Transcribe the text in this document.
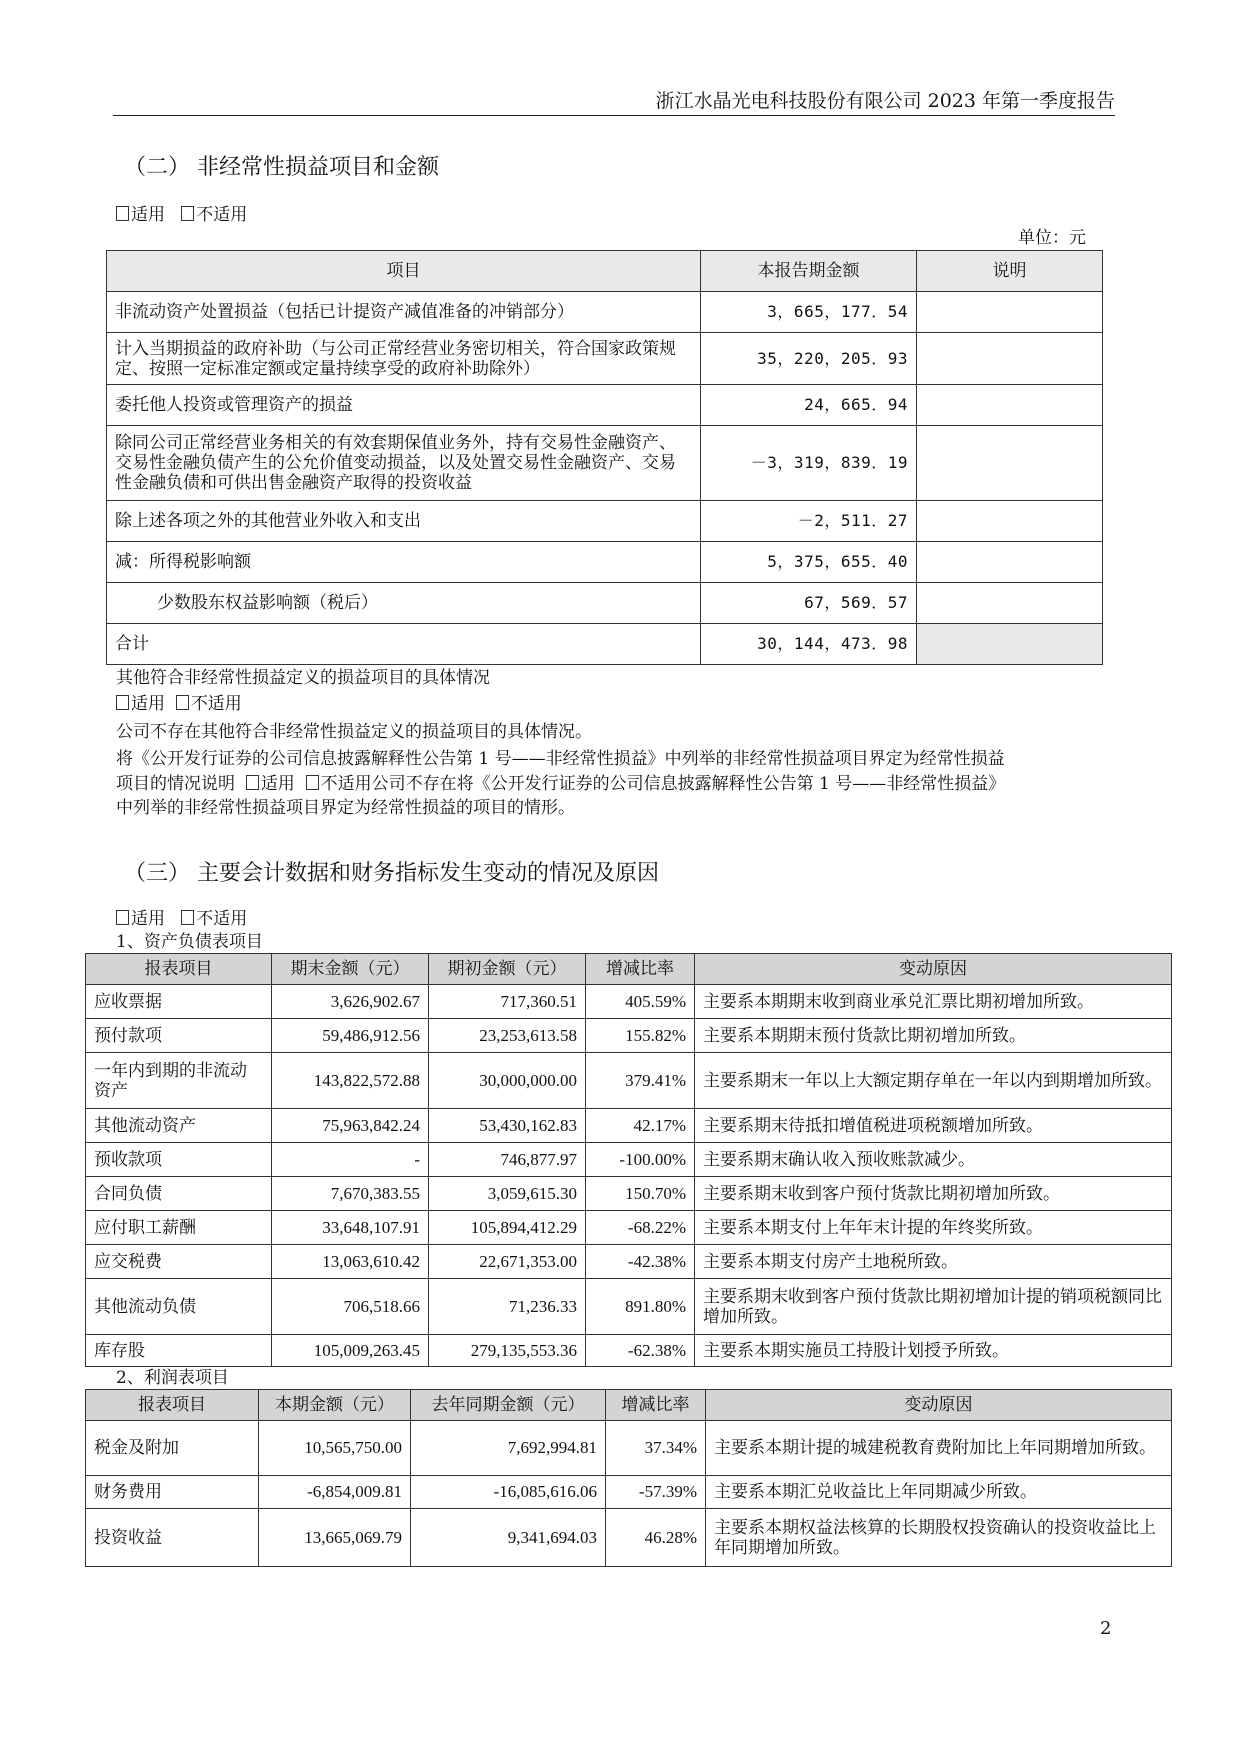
浙江水晶光电科技股份有限公司 2023 年第一季度报告
（二） 非经常性损益项目和金额
适用 不适用
单位：元
项目	本报告期金额	说明
非流动资产处置损益（包括已计提资产减值准备的冲销部分）	3，665，177．54	
计入当期损益的政府补助（与公司正常经营业务密切相关，符合国家政策规定、按照一定标准定额或定量持续享受的政府补助除外）	35，220，205．93	
委托他人投资或管理资产的损益	24，665．94	
除同公司正常经营业务相关的有效套期保值业务外，持有交易性金融资产、交易性金融负债产生的公允价值变动损益，以及处置交易性金融资产、交易性金融负债和可供出售金融资产取得的投资收益	－3，319，839．19	
除上述各项之外的其他营业外收入和支出	－2，511．27	
减：所得税影响额	5，375，655．40	
少数股东权益影响额（税后）	67，569．57	
合计	30，144，473．98	
其他符合非经常性损益定义的损益项目的具体情况
适用 不适用
公司不存在其他符合非经常性损益定义的损益项目的具体情况。
将《公开发行证券的公司信息披露解释性公告第 1 号——非经常性损益》中列举的非经常性损益项目界定为经常性损益
项目的情况说明 适用 不适用公司不存在将《公开发行证券的公司信息披露解释性公告第 1 号——非经常性损益》
中列举的非经常性损益项目界定为经常性损益的项目的情形。
（三） 主要会计数据和财务指标发生变动的情况及原因
适用 不适用
1、资产负债表项目
报表项目	期末金额（元）	期初金额（元）	增减比率	变动原因
应收票据	3,626,902.67	717,360.51	405.59%	主要系本期期末收到商业承兑汇票比期初增加所致。
预付款项	59,486,912.56	23,253,613.58	155.82%	主要系本期期末预付货款比期初增加所致。
一年内到期的非流动资产	143,822,572.88	30,000,000.00	379.41%	主要系期末一年以上大额定期存单在一年以内到期增加所致。
其他流动资产	75,963,842.24	53,430,162.83	42.17%	主要系期末待抵扣增值税进项税额增加所致。
预收款项	-	746,877.97	-100.00%	主要系期末确认收入预收账款减少。
合同负债	7,670,383.55	3,059,615.30	150.70%	主要系期末收到客户预付货款比期初增加所致。
应付职工薪酬	33,648,107.91	105,894,412.29	-68.22%	主要系本期支付上年年末计提的年终奖所致。
应交税费	13,063,610.42	22,671,353.00	-42.38%	主要系本期支付房产土地税所致。
其他流动负债	706,518.66	71,236.33	891.80%	主要系期末收到客户预付货款比期初增加计提的销项税额同比增加所致。
库存股	105,009,263.45	279,135,553.36	-62.38%	主要系本期实施员工持股计划授予所致。
2、利润表项目
报表项目	本期金额（元）	去年同期金额（元）	增减比率	变动原因
税金及附加	10,565,750.00	7,692,994.81	37.34%	主要系本期计提的城建税教育费附加比上年同期增加所致。
财务费用	-6,854,009.81	-16,085,616.06	-57.39%	主要系本期汇兑收益比上年同期减少所致。
投资收益	13,665,069.79	9,341,694.03	46.28%	主要系本期权益法核算的长期股权投资确认的投资收益比上年同期增加所致。
2
